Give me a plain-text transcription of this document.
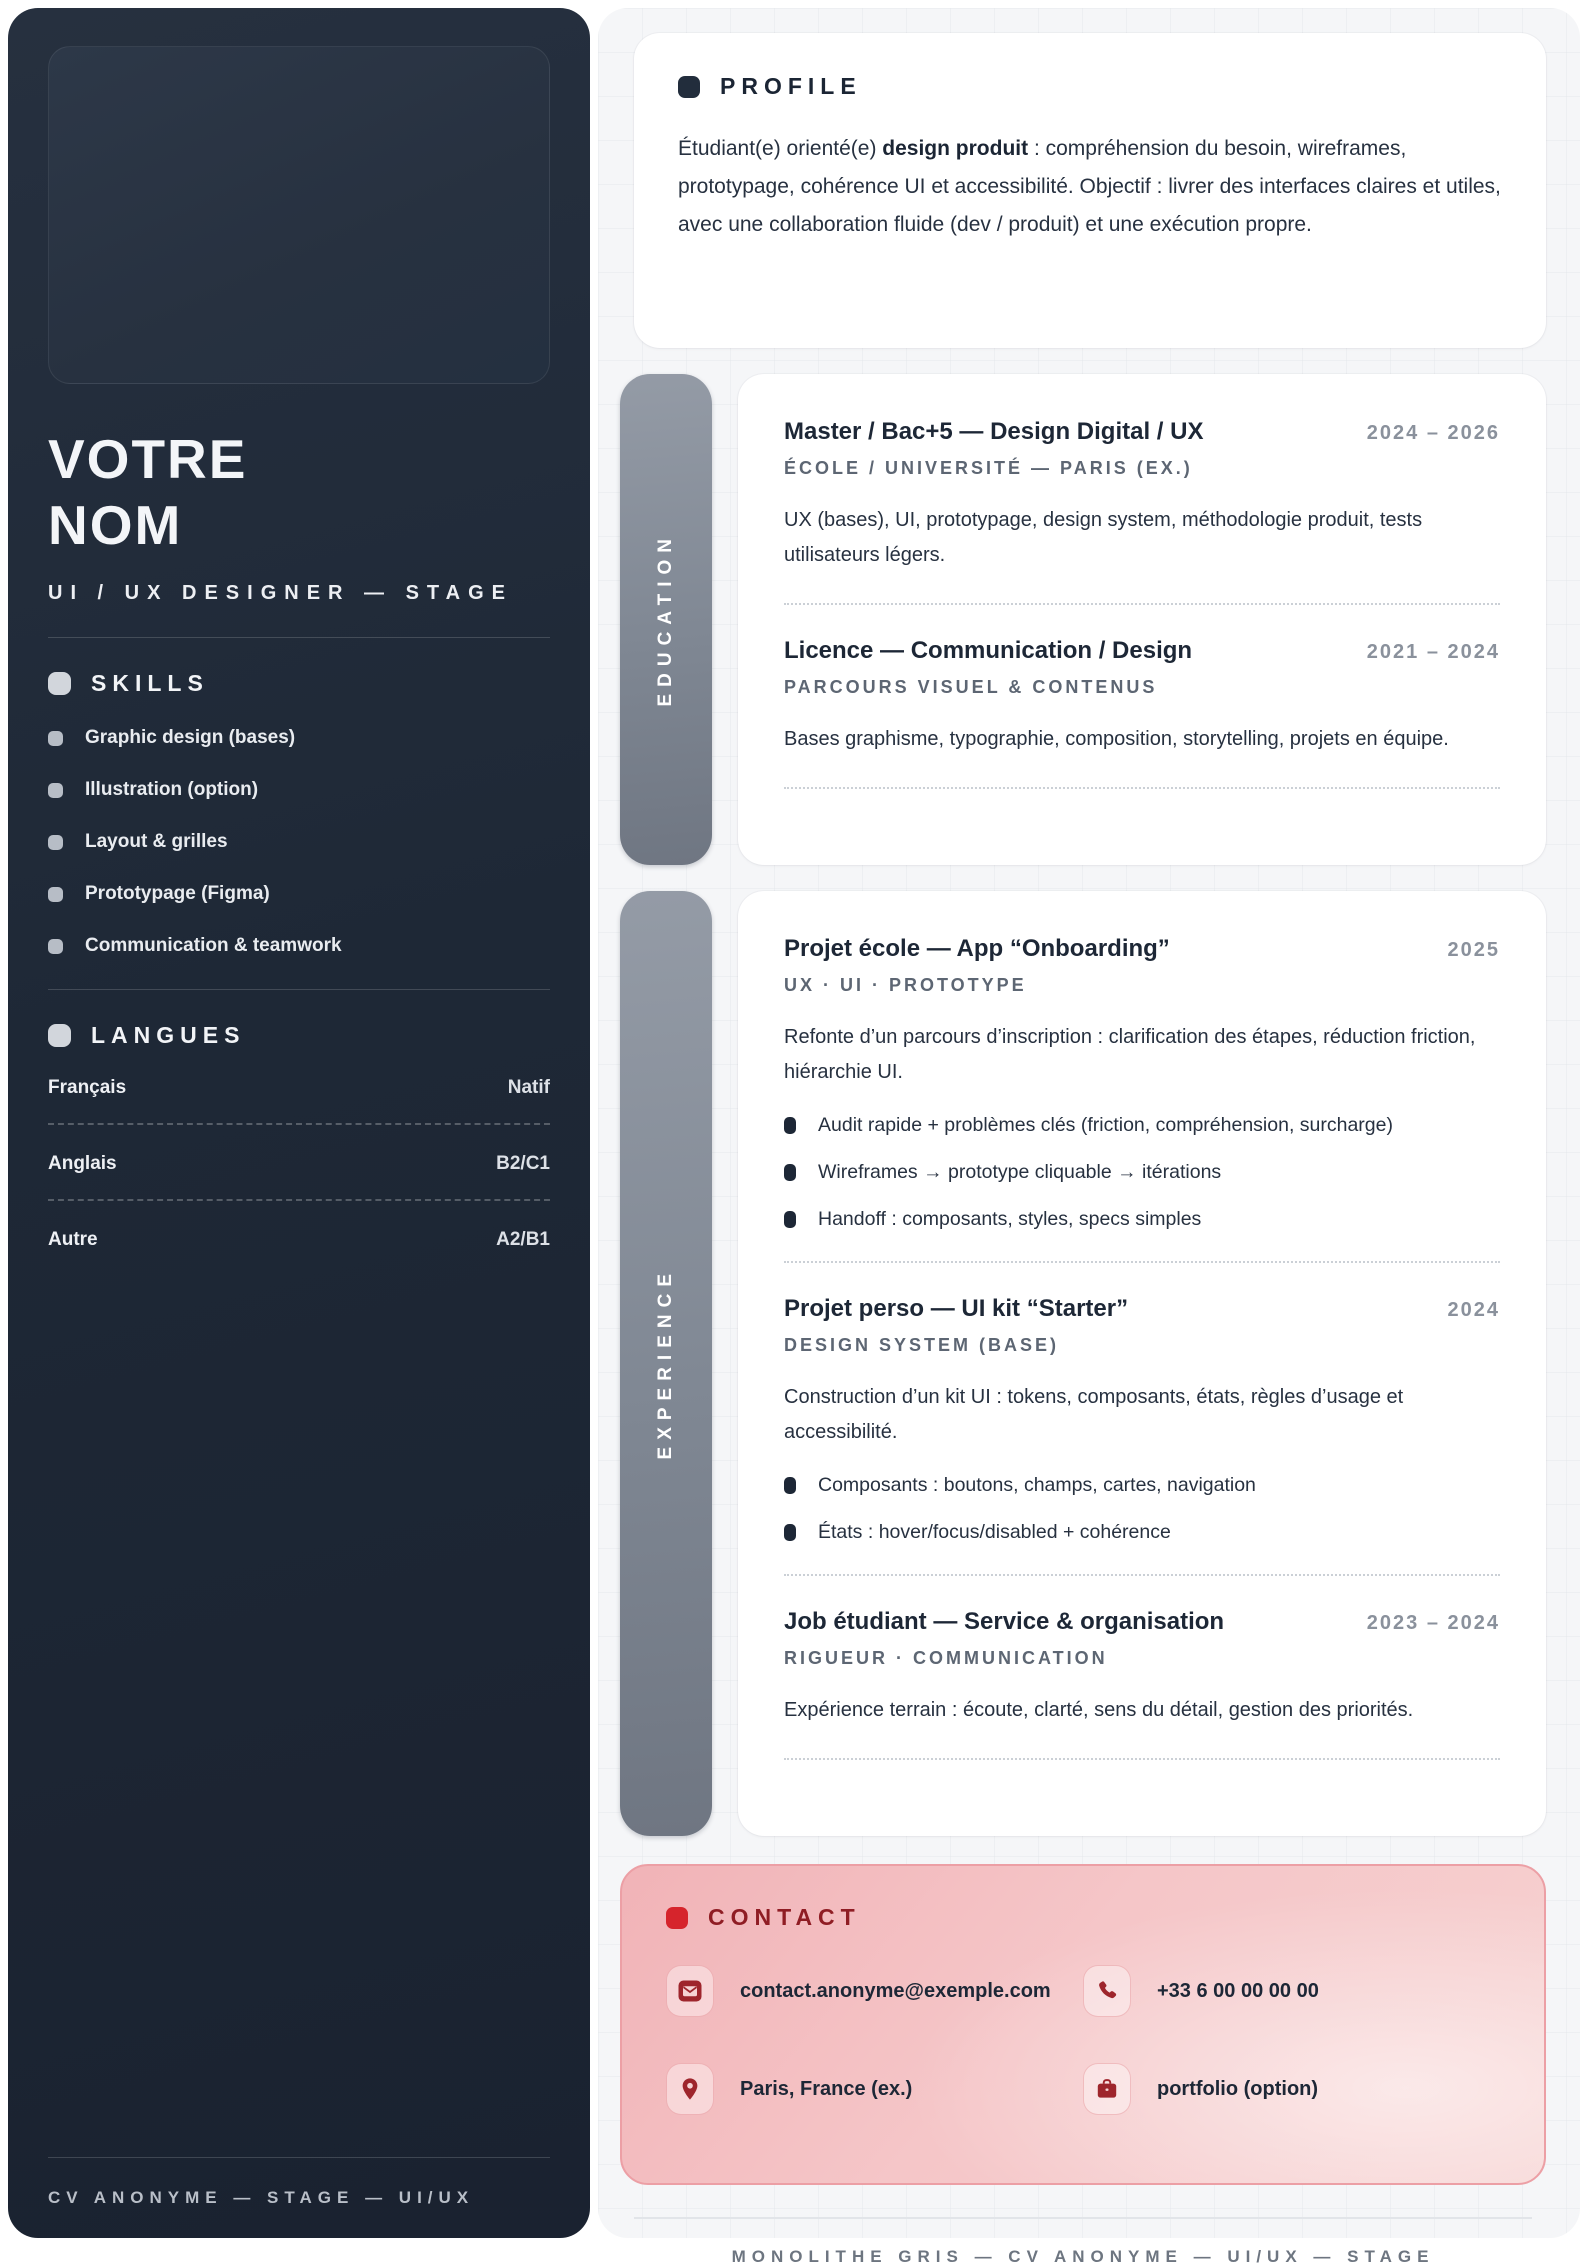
VOTRE
NOM
UI / UX DESIGNER — STAGE
SKILLS
Graphic design (bases)
Illustration (option)
Layout & grilles
Prototypage (Figma)
Communication & teamwork
LANGUES
Français	Natif
Anglais	B2/C1
Autre	A2/B1
CV ANONYME — STAGE — UI/UX
PROFILE

Étudiant(e) orienté(e) design produit : compréhension du besoin, wireframes, prototypage, cohérence UI et accessibilité. Objectif : livrer des interfaces claires et utiles, avec une collaboration fluide (dev / produit) et une exécution propre.

EDUCATION
Master / Bac+5 — Design Digital / UX	2024 – 2026
ÉCOLE / UNIVERSITÉ — PARIS (EX.)

UX (bases), UI, prototypage, design system, méthodologie produit, tests utilisateurs légers.

Licence — Communication / Design	2021 – 2024
PARCOURS VISUEL & CONTENUS

Bases graphisme, typographie, composition, storytelling, projets en équipe.

EXPERIENCE
Projet école — App “Onboarding”	2025
UX · UI · PROTOTYPE

Refonte d’un parcours d’inscription : clarification des étapes, réduction friction, hiérarchie UI.

Audit rapide + problèmes clés (friction, compréhension, surcharge)
Wireframes → prototype cliquable → itérations
Handoff : composants, styles, specs simples
Projet perso — UI kit “Starter”	2024
DESIGN SYSTEM (BASE)

Construction d’un kit UI : tokens, composants, états, règles d’usage et accessibilité.

Composants : boutons, champs, cartes, navigation
États : hover/focus/disabled + cohérence
Job étudiant — Service & organisation	2023 – 2024
RIGUEUR · COMMUNICATION

Expérience terrain : écoute, clarté, sens du détail, gestion des priorités.

CONTACT
contact.anonyme@exemple.com	+33 6 00 00 00 00
Paris, France (ex.)	portfolio (option)
MONOLITHE GRIS — CV ANONYME — UI/UX — STAGE
